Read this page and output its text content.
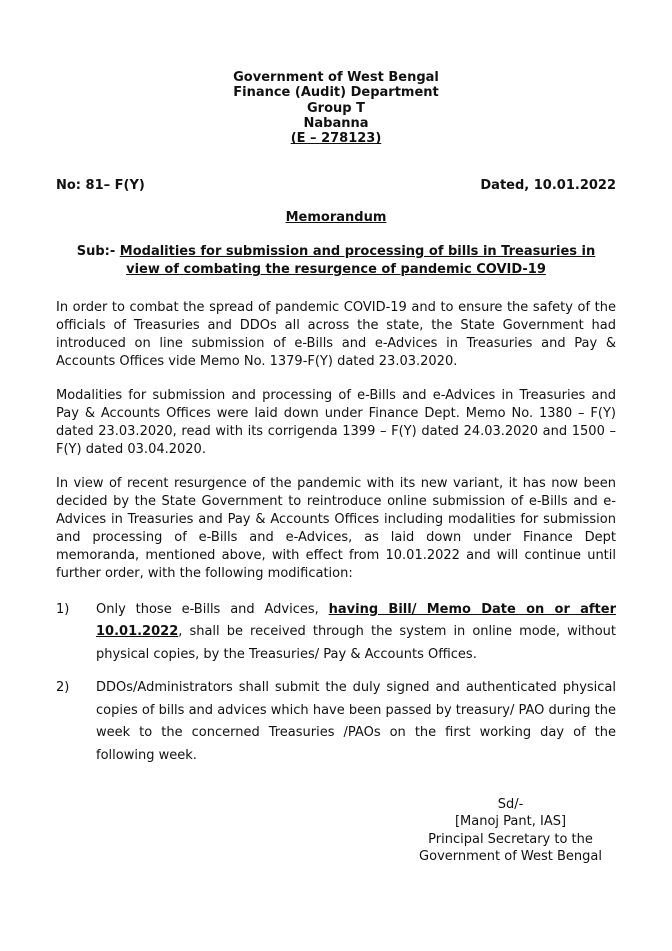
Government of West Bengal
Finance (Audit) Department
Group T
Nabanna
(E – 278123)
No: 81– F(Y)	Dated, 10.01.2022
Memorandum
Sub:- Modalities for submission and processing of bills in Treasuries in view of combating the resurgence of pandemic COVID-19

In order to combat the spread of pandemic COVID-19 and to ensure the safety of the officials of Treasuries and DDOs all across the state, the State Government had introduced on line submission of e-Bills and e-Advices in Treasuries and Pay & Accounts Offices vide Memo No. 1379-F(Y) dated 23.03.2020.

Modalities for submission and processing of e-Bills and e-Advices in Treasuries and Pay & Accounts Offices were laid down under Finance Dept. Memo No. 1380 – F(Y) dated 23.03.2020, read with its corrigenda 1399 – F(Y) dated 24.03.2020 and 1500 – F(Y) dated 03.04.2020.

In view of recent resurgence of the pandemic with its new variant, it has now been decided by the State Government to reintroduce online submission of e-Bills and e-Advices in Treasuries and Pay & Accounts Offices including modalities for submission and processing of e-Bills and e-Advices, as laid down under Finance Dept memoranda, mentioned above, with effect from 10.01.2022 and will continue until further order, with the following modification:

1)	Only those e-Bills and Advices, having Bill/ Memo Date on or after 10.01.2022, shall be received through the system in online mode, without physical copies, by the Treasuries/ Pay & Accounts Offices.
2)	DDOs/Administrators shall submit the duly signed and authenticated physical copies of bills and advices which have been passed by treasury/ PAO during the week to the concerned Treasuries /PAOs on the first working day of the following week.
Sd/-
[Manoj Pant, IAS]
Principal Secretary to the
Government of West Bengal
